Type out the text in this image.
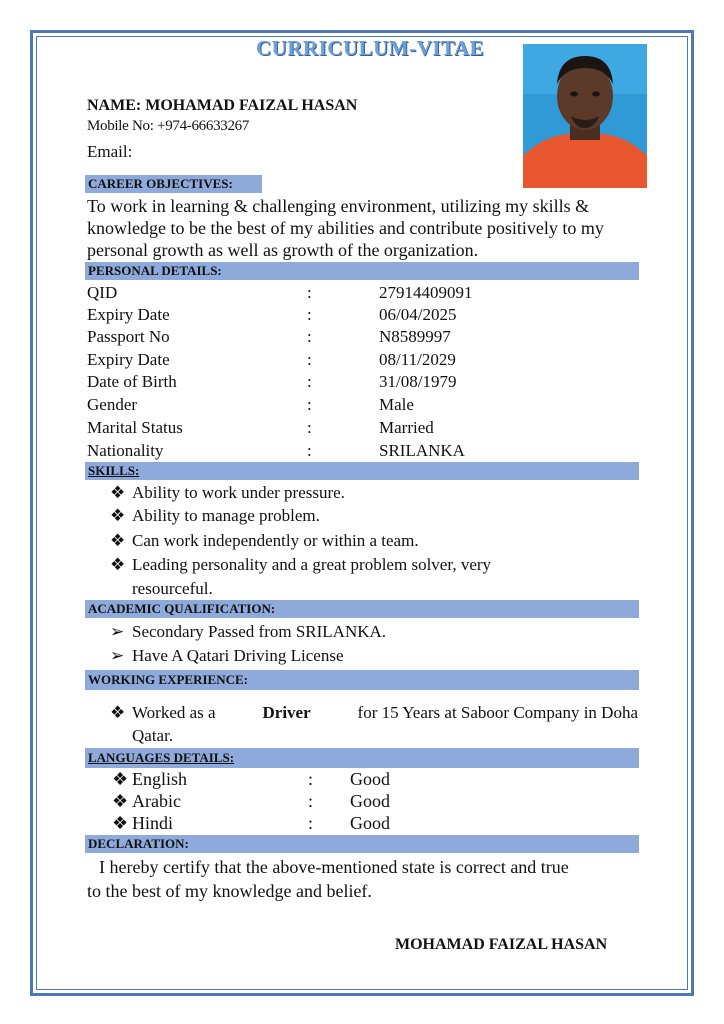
CURRICULUM-VITAE
NAME: MOHAMAD FAIZAL HASAN
Mobile No: +974-66633267
Email:
CAREER OBJECTIVES:
To work in learning & challenging environment, utilizing my skills &
knowledge to be the best of my abilities and contribute positively to my
personal growth as well as growth of the organization.
PERSONAL DETAILS:
QID	:	27914409091
Expiry Date	:	06/04/2025
Passport No	:	N8589997
Expiry Date	:	08/11/2029
Date of Birth	:	31/08/1979
Gender	:	Male
Marital Status	:	Married
Nationality	:	SRILANKA
SKILLS:
❖ Ability to work under pressure.
❖ Ability to manage problem.
❖ Can work independently or within a team.
❖ Leading personality and a great problem solver, very
resourceful.
ACADEMIC QUALIFICATION:
➢ Secondary Passed from SRILANKA.
➢ Have A Qatari Driving License
WORKING EXPERIENCE:
❖ Worked as a	Driver	for 15 Years at Saboor Company in Doha
Qatar.
LANGUAGES DETAILS:
❖ English	: Good
❖ Arabic	: Good
❖ Hindi	: Good
DECLARATION:
I hereby certify that the above-mentioned state is correct and true
to the best of my knowledge and belief.
MOHAMAD FAIZAL HASAN
